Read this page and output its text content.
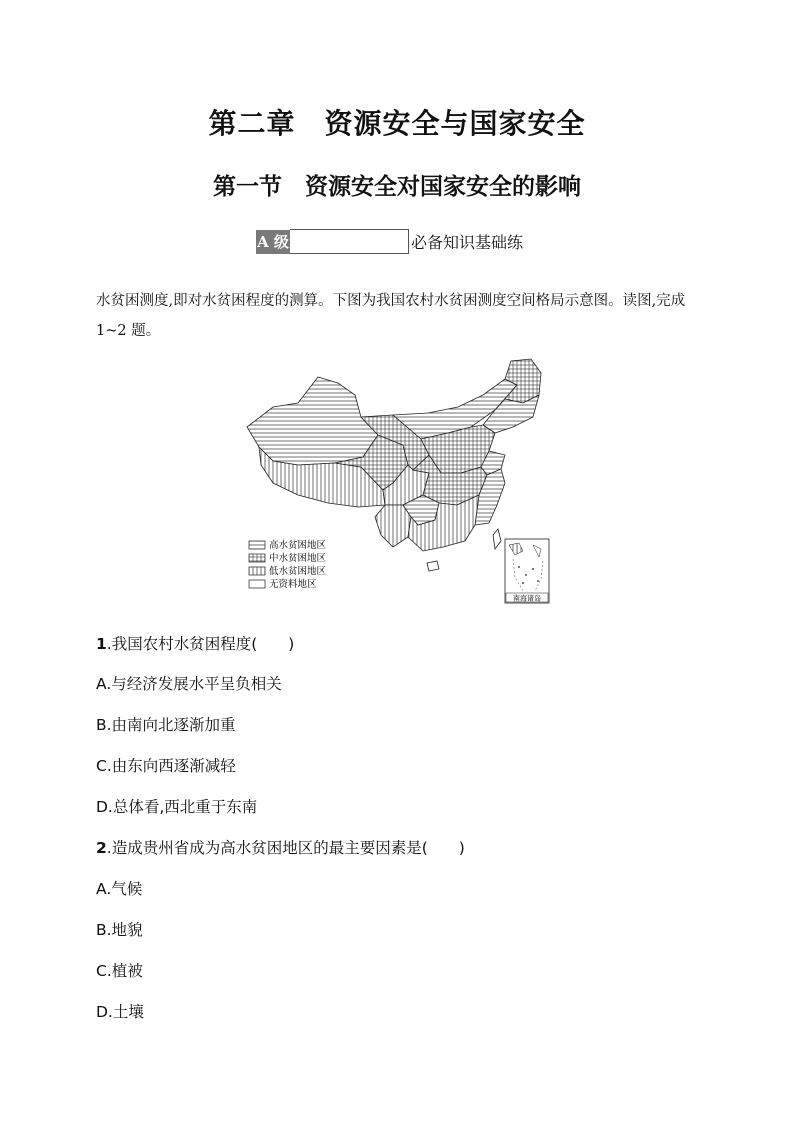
第二章　资源安全与国家安全
第一节　资源安全对国家安全的影响
A 级	必备知识基础练
水贫困测度,即对水贫困程度的测算。下图为我国农村水贫困测度空间格局示意图。读图,完成 1~2 题。
高水贫困地区
中水贫困地区
低水贫困地区
无资料地区
南海诸岛
1.我国农村水贫困程度(　　)
A.与经济发展水平呈负相关
B.由南向北逐渐加重
C.由东向西逐渐减轻
D.总体看,西北重于东南
2.造成贵州省成为高水贫困地区的最主要因素是(　　)
A.气候
B.地貌
C.植被
D.土壤
